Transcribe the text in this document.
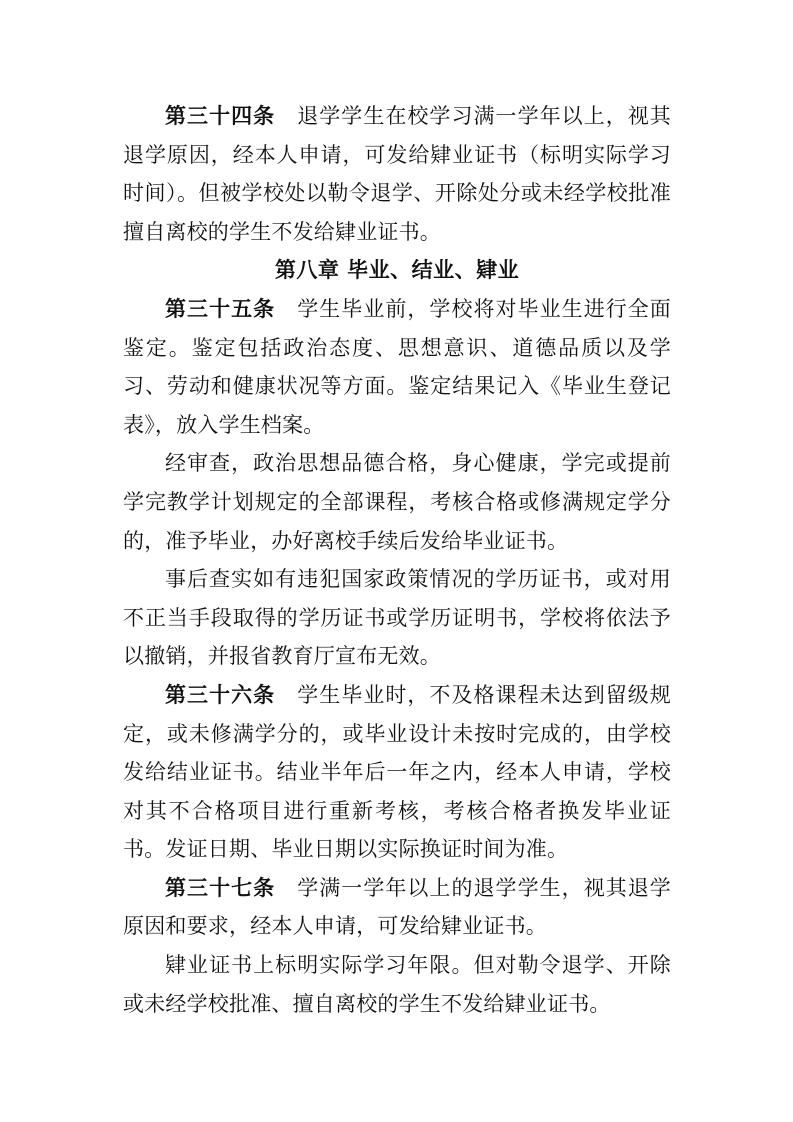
第三十四条 退学学生在校学习满一学年以上，视其退学原因，经本人申请，可发给肄业证书（标明实际学习时间）。但被学校处以勒令退学、开除处分或未经学校批准擅自离校的学生不发给肄业证书。

第八章 毕业、结业、肄业

第三十五条 学生毕业前，学校将对毕业生进行全面鉴定。鉴定包括政治态度、思想意识、道德品质以及学习、劳动和健康状况等方面。鉴定结果记入《毕业生登记表》，放入学生档案。

经审查，政治思想品德合格，身心健康，学完或提前学完教学计划规定的全部课程，考核合格或修满规定学分的，准予毕业，办好离校手续后发给毕业证书。

事后查实如有违犯国家政策情况的学历证书，或对用不正当手段取得的学历证书或学历证明书，学校将依法予以撤销，并报省教育厅宣布无效。

第三十六条 学生毕业时，不及格课程未达到留级规定，或未修满学分的，或毕业设计未按时完成的，由学校发给结业证书。结业半年后一年之内，经本人申请，学校对其不合格项目进行重新考核，考核合格者换发毕业证书。发证日期、毕业日期以实际换证时间为准。

第三十七条 学满一学年以上的退学学生，视其退学原因和要求，经本人申请，可发给肄业证书。

肄业证书上标明实际学习年限。但对勒令退学、开除或未经学校批准、擅自离校的学生不发给肄业证书。
